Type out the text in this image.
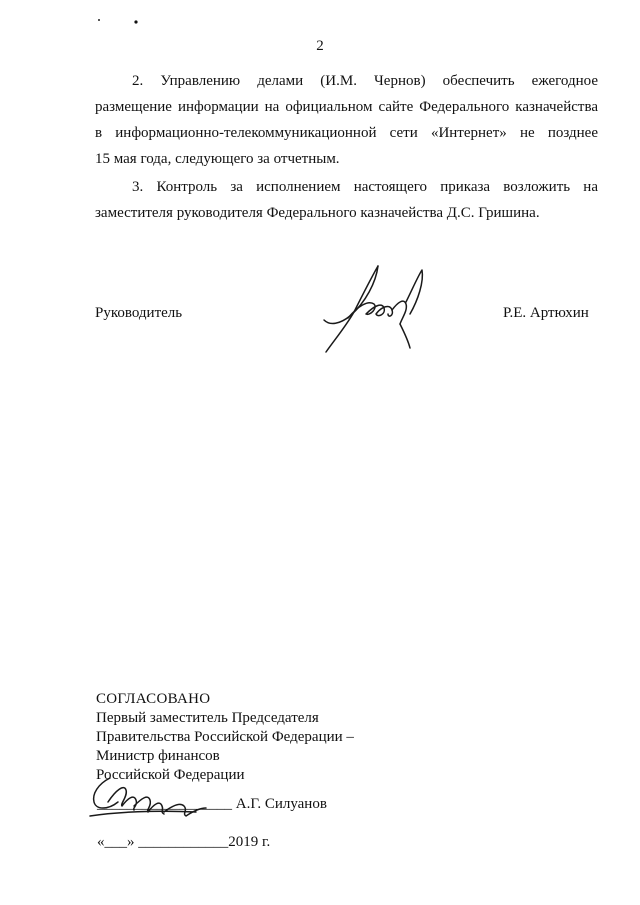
2
2. Управлению делами (И.М. Чернов) обеспечить ежегодное
размещение информации на официальном сайте Федерального казначейства
в информационно-телекоммуникационной сети «Интернет» не позднее
15 мая года, следующего за отчетным.
3. Контроль за исполнением настоящего приказа возложить на
заместителя руководителя Федерального казначейства Д.С. Гришина.
Руководитель	Р.Е. Артюхин
СОГЛАСОВАНО
Первый заместитель Председателя
Правительства Российской Федерации –
Министр финансов
Российской Федерации
__________________ А.Г. Силуанов
«___» ____________2019 г.
